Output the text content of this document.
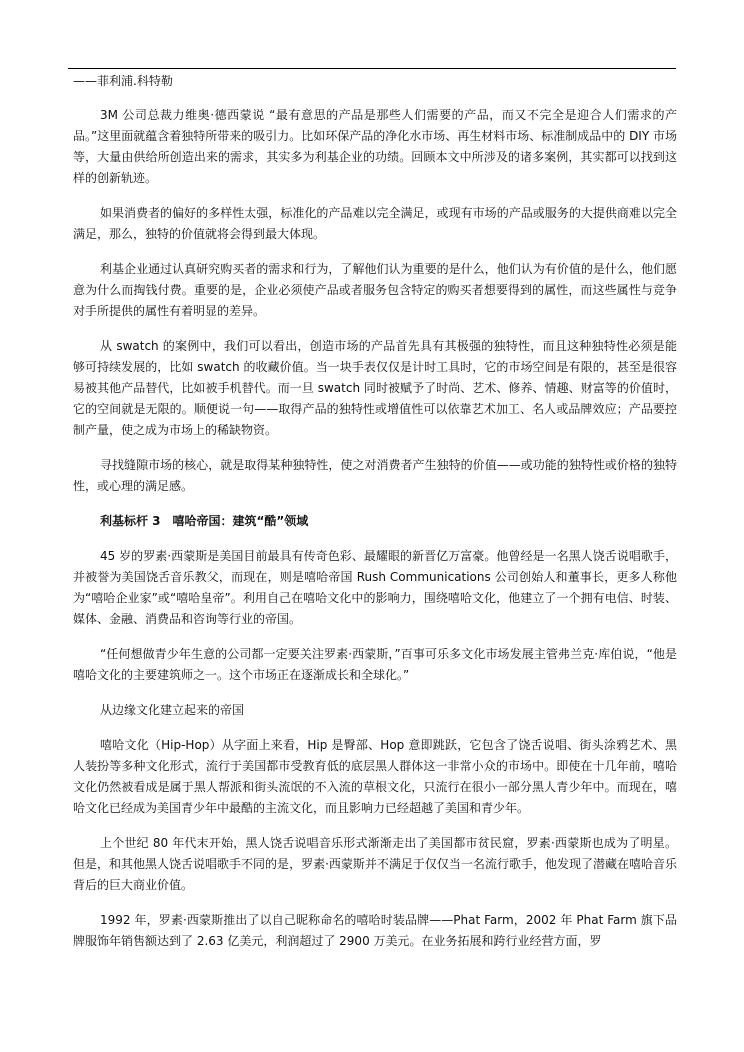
——菲利浦.科特勒

3M 公司总裁力维奥·德西蒙说 “最有意思的产品是那些人们需要的产品，而又不完全是迎合人们需求的产品。”这里面就蕴含着独特所带来的吸引力。比如环保产品的净化水市场、再生材料市场、标准制成品中的 DIY 市场等，大量由供给所创造出来的需求，其实多为利基企业的功绩。回顾本文中所涉及的诸多案例，其实都可以找到这样的创新轨迹。

如果消费者的偏好的多样性太强，标准化的产品难以完全满足，或现有市场的产品或服务的大提供商难以完全满足，那么，独特的价值就将会得到最大体现。

利基企业通过认真研究购买者的需求和行为，了解他们认为重要的是什么，他们认为有价值的是什么，他们愿意为什么而掏钱付费。重要的是，企业必须使产品或者服务包含特定的购买者想要得到的属性，而这些属性与竞争对手所提供的属性有着明显的差异。

从 swatch 的案例中，我们可以看出，创造市场的产品首先具有其极强的独特性，而且这种独特性必须是能够可持续发展的，比如 swatch 的收藏价值。当一块手表仅仅是计时工具时，它的市场空间是有限的，甚至是很容易被其他产品替代，比如被手机替代。而一旦 swatch 同时被赋予了时尚、艺术、修养、情趣、财富等的价值时，它的空间就是无限的。顺便说一句——取得产品的独特性或增值性可以依靠艺术加工、名人或品牌效应；产品要控制产量，使之成为市场上的稀缺物资。

寻找缝隙市场的核心，就是取得某种独特性，使之对消费者产生独特的价值——或功能的独特性或价格的独特性，或心理的满足感。

利基标杆 3　嘻哈帝国：建筑“酷”领域

45 岁的罗素·西蒙斯是美国目前最具有传奇色彩、最耀眼的新晋亿万富豪。他曾经是一名黑人饶舌说唱歌手，并被誉为美国饶舌音乐教父，而现在，则是嘻哈帝国 Rush Communications 公司创始人和董事长，更多人称他为“嘻哈企业家”或“嘻哈皇帝”。利用自己在嘻哈文化中的影响力，围绕嘻哈文化，他建立了一个拥有电信、时装、媒体、金融、消费品和咨询等行业的帝国。

“任何想做青少年生意的公司都一定要关注罗素·西蒙斯，”百事可乐多文化市场发展主管弗兰克·库伯说，“他是嘻哈文化的主要建筑师之一。这个市场正在逐渐成长和全球化。”

从边缘文化建立起来的帝国

嘻哈文化（Hip-Hop）从字面上来看，Hip 是臀部、Hop 意即跳跃，它包含了饶舌说唱、街头涂鸦艺术、黑人装扮等多种文化形式，流行于美国都市受教育低的底层黑人群体这一非常小众的市场中。即使在十几年前，嘻哈文化仍然被看成是属于黑人帮派和街头流氓的不入流的草根文化，只流行在很小一部分黑人青少年中。而现在，嘻哈文化已经成为美国青少年中最酷的主流文化，而且影响力已经超越了美国和青少年。

上个世纪 80 年代末开始，黑人饶舌说唱音乐形式渐渐走出了美国都市贫民窟，罗素·西蒙斯也成为了明星。但是，和其他黑人饶舌说唱歌手不同的是，罗素·西蒙斯并不满足于仅仅当一名流行歌手，他发现了潜藏在嘻哈音乐背后的巨大商业价值。

1992 年，罗素·西蒙斯推出了以自己昵称命名的嘻哈时装品牌——Phat Farm，2002 年 Phat Farm 旗下品牌服饰年销售额达到了 2.63 亿美元，利润超过了 2900 万美元。在业务拓展和跨行业经营方面，罗
